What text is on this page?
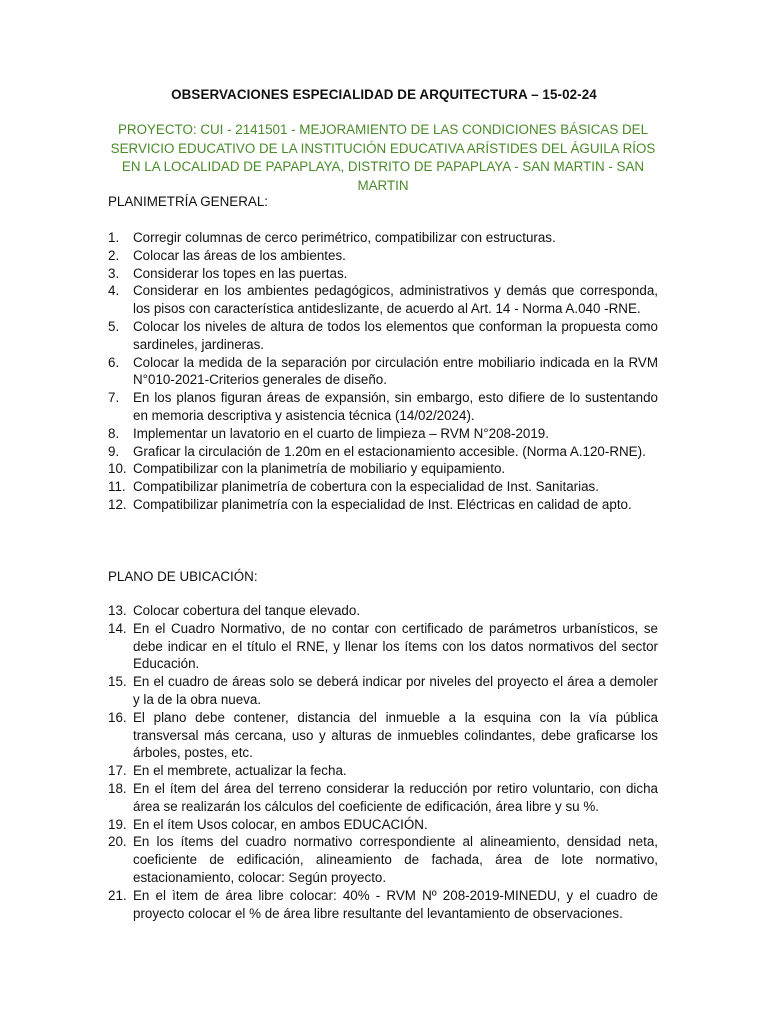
OBSERVACIONES ESPECIALIDAD DE ARQUITECTURA – 15-02-24
PROYECTO: CUI - 2141501 - MEJORAMIENTO DE LAS CONDICIONES BÁSICAS DEL SERVICIO EDUCATIVO DE LA INSTITUCIÓN EDUCATIVA ARÍSTIDES DEL ÁGUILA RÍOS EN LA LOCALIDAD DE PAPAPLAYA, DISTRITO DE PAPAPLAYA - SAN MARTIN - SAN MARTIN
PLANIMETRÍA GENERAL:
1. Corregir columnas de cerco perimétrico, compatibilizar con estructuras.
2. Colocar las áreas de los ambientes.
3. Considerar los topes en las puertas.
4. Considerar en los ambientes pedagógicos, administrativos y demás que corresponda, los pisos con característica antideslizante, de acuerdo al Art. 14 - Norma A.040 -RNE.
5. Colocar los niveles de altura de todos los elementos que conforman la propuesta como sardineles, jardineras.
6. Colocar la medida de la separación por circulación entre mobiliario indicada en la RVM N°010-2021-Criterios generales de diseño.
7. En los planos figuran áreas de expansión, sin embargo, esto difiere de lo sustentando en memoria descriptiva y asistencia técnica (14/02/2024).
8. Implementar un lavatorio en el cuarto de limpieza – RVM N°208-2019.
9. Graficar la circulación de 1.20m en el estacionamiento accesible. (Norma A.120-RNE).
10. Compatibilizar con la planimetría de mobiliario y equipamiento.
11. Compatibilizar planimetría de cobertura con la especialidad de Inst. Sanitarias.
12. Compatibilizar planimetría con la especialidad de Inst. Eléctricas en calidad de apto.
PLANO DE UBICACIÓN:
13. Colocar cobertura del tanque elevado.
14. En el Cuadro Normativo, de no contar con certificado de parámetros urbanísticos, se debe indicar en el título el RNE, y llenar los ítems con los datos normativos del sector Educación.
15. En el cuadro de áreas solo se deberá indicar por niveles del proyecto el área a demoler y la de la obra nueva.
16. El plano debe contener, distancia del inmueble a la esquina con la vía pública transversal más cercana, uso y alturas de inmuebles colindantes, debe graficarse los árboles, postes, etc.
17. En el membrete, actualizar la fecha.
18. En el ítem del área del terreno considerar la reducción por retiro voluntario, con dicha área se realizarán los cálculos del coeficiente de edificación, área libre y su %.
19. En el ítem Usos colocar, en ambos EDUCACIÓN.
20. En los ítems del cuadro normativo correspondiente al alineamiento, densidad neta, coeficiente de edificación, alineamiento de fachada, área de lote normativo, estacionamiento, colocar: Según proyecto.
21. En el ìtem de área libre colocar: 40% - RVM Nº 208-2019-MINEDU, y el cuadro de proyecto colocar el % de área libre resultante del levantamiento de observaciones.
